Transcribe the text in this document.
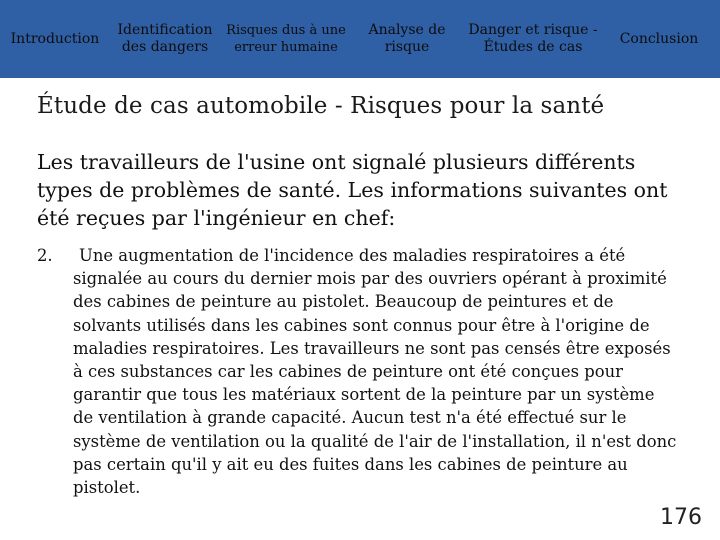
Introduction
Identification des dangers
Risques dus à une erreur humaine
Analyse de risque
Danger et risque - Études de cas
Conclusion
Étude de cas automobile - Risques pour la santé
Les travailleurs de l'usine ont signalé plusieurs différents types de problèmes de santé. Les informations suivantes ont été reçues par l'ingénieur en chef:
2.	Une augmentation de l'incidence des maladies respiratoires a été signalée au cours du dernier mois par des ouvriers opérant à proximité des cabines de peinture au pistolet. Beaucoup de peintures et de solvants utilisés dans les cabines sont connus pour être à l'origine de maladies respiratoires. Les travailleurs ne sont pas censés être exposés à ces substances car les cabines de peinture ont été conçues pour garantir que tous les matériaux sortent de la peinture par un système de ventilation à grande capacité. Aucun test n'a été effectué sur le système de ventilation ou la qualité de l'air de l'installation, il n'est donc pas certain qu'il y ait eu des fuites dans les cabines de peinture au pistolet.
176
